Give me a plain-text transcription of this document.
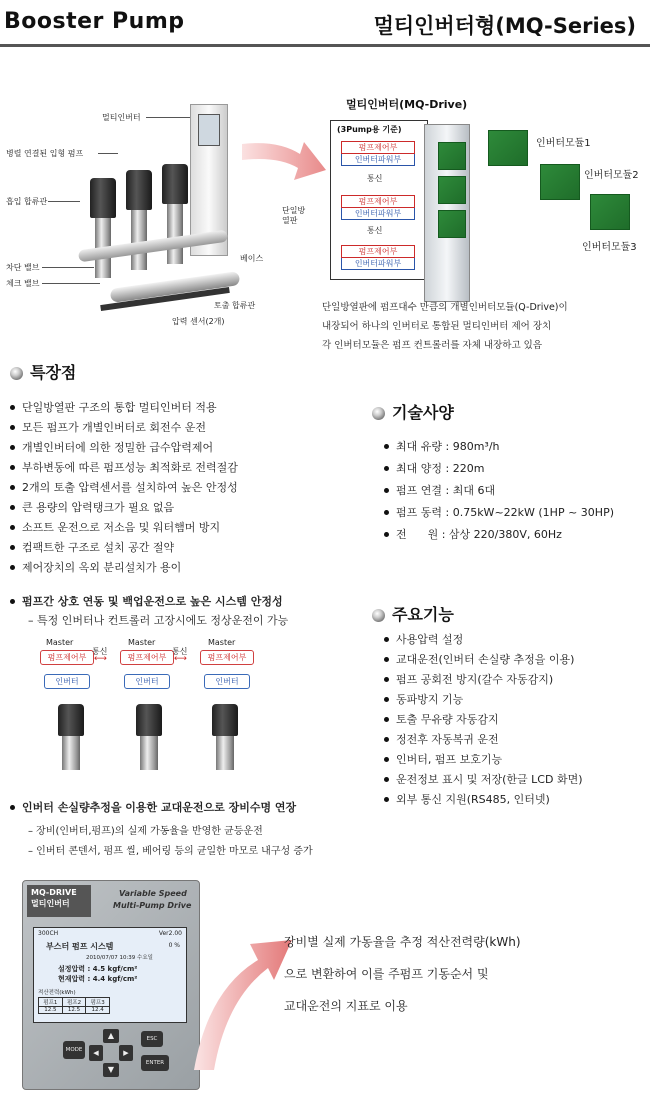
Booster Pump	멀티인버터형(MQ-Series)
멀티인버터
병렬 연결된 입형 펌프
흡입 합류관
차단 밸브
체크 밸브
베이스
토출 합류관
압력 센서(2개)
멀티인버터(MQ-Drive)
(3Pump용 기준)
펌프제어부
인버터파워부
통신
펌프제어부
인버터파워부
통신
펌프제어부
인버터파워부
단일방열판
인버터모듈1
인버터모듈2
인버터모듈3
단일방열판에 펌프대수 만큼의 개별인버터모듈(Q-Drive)이
내장되어 하나의 인버터로 통합된 멀티인버터 제어 장치
각 인버터모듈은 펌프 컨트롤러를 자체 내장하고 있음
특장점
단일방열판 구조의 통합 멀티인버터 적용
모든 펌프가 개별인버터로 회전수 운전
개별인버터에 의한 정밀한 급수압력제어
부하변동에 따른 펌프성능 최적화로 전력절감
2개의 토출 압력센서를 설치하여 높은 안정성
큰 용량의 압력탱크가 필요 없음
소프트 운전으로 저소음 및 워터햄머 방지
컴팩트한 구조로 설치 공간 절약
제어장치의 옥외 분리설치가 용이
펌프간 상호 연동 및 백업운전으로 높은 시스템 안정성
– 특정 인버터나 컨트롤러 고장시에도 정상운전이 가능
Master
펌프제어부
인버터
통신
⟷
Master
펌프제어부
인버터
통신
⟷
Master
펌프제어부
인버터
인버터 손실량추정을 이용한 교대운전으로 장비수명 연장
– 장비(인버터,펌프)의 실제 가동율을 반영한 균등운전
– 인버터 콘덴서, 펌프 씰, 베어링 등의 균일한 마모로 내구성 증가
기술사양
최대 유량 : 980m³/h
최대 양정 : 220m
펌프 연결 : 최대 6대
펌프 동력 : 0.75kW~22kW (1HP ~ 30HP)
전      원 : 삼상 220/380V, 60Hz
주요기능
사용압력 설정
교대운전(인버터 손실량 추정을 이용)
펌프 공회전 방지(갈수 자동감지)
동파방지 기능
토출 무유량 자동감지
정전후 자동복귀 운전
인버터, 펌프 보호기능
운전정보 표시 및 저장(한글 LCD 화면)
외부 통신 지원(RS485, 인터넷)
MQ-DRIVE
멀티인버터
Variable Speed
Multi-Pump Drive
300CH	Ver2.00
부스터 펌프 시스템	0 %
2010/07/07 10:39 수요일
설정압력 : 4.5 kgf/cm²
현재압력 : 4.4 kgf/cm²
적산전력(kWh)
펌프1	펌프2	펌프3
12.5	12.5	12.4
MODE
▲
◀	▶
▼
ESC
ENTER
장비별 실제 가동율을 추정 적산전력량(kWh)
으로 변환하여 이를 주펌프 기동순서 및
교대운전의 지표로 이용
